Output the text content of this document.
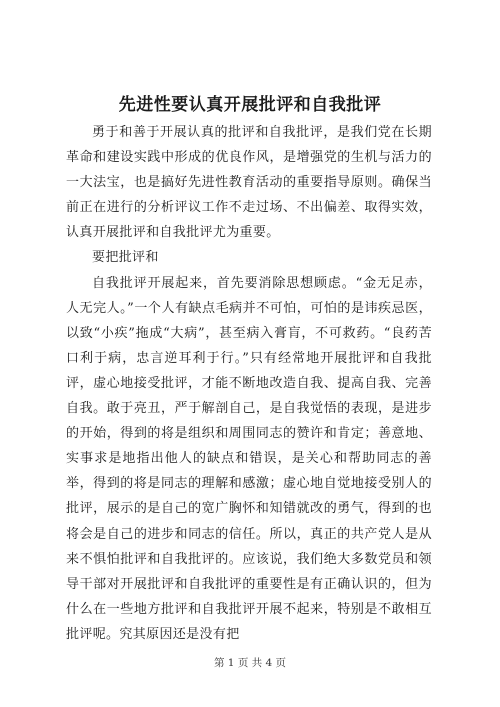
先进性要认真开展批评和自我批评

勇于和善于开展认真的批评和自我批评，是我们党在长期革命和建设实践中形成的优良作风，是增强党的生机与活力的一大法宝，也是搞好先进性教育活动的重要指导原则。确保当前正在进行的分析评议工作不走过场、不出偏差、取得实效，认真开展批评和自我批评尤为重要。

要把批评和

自我批评开展起来，首先要消除思想顾虑。“金无足赤，人无完人。”一个人有缺点毛病并不可怕，可怕的是讳疾忌医，以致“小疾”拖成“大病”，甚至病入膏肓，不可救药。“良药苦口利于病，忠言逆耳利于行。”只有经常地开展批评和自我批评，虚心地接受批评，才能不断地改造自我、提高自我、完善自我。敢于亮丑，严于解剖自己，是自我觉悟的表现，是进步的开始，得到的将是组织和周围同志的赞许和肯定；善意地、实事求是地指出他人的缺点和错误，是关心和帮助同志的善举，得到的将是同志的理解和感激；虚心地自觉地接受别人的批评，展示的是自己的宽广胸怀和知错就改的勇气，得到的也将会是自己的进步和同志的信任。所以，真正的共产党人是从来不惧怕批评和自我批评的。应该说，我们绝大多数党员和领导干部对开展批评和自我批评的重要性是有正确认识的，但为什么在一些地方批评和自我批评开展不起来，特别是不敢相互批评呢。究其原因还是没有把

第 1 页 共 4 页
